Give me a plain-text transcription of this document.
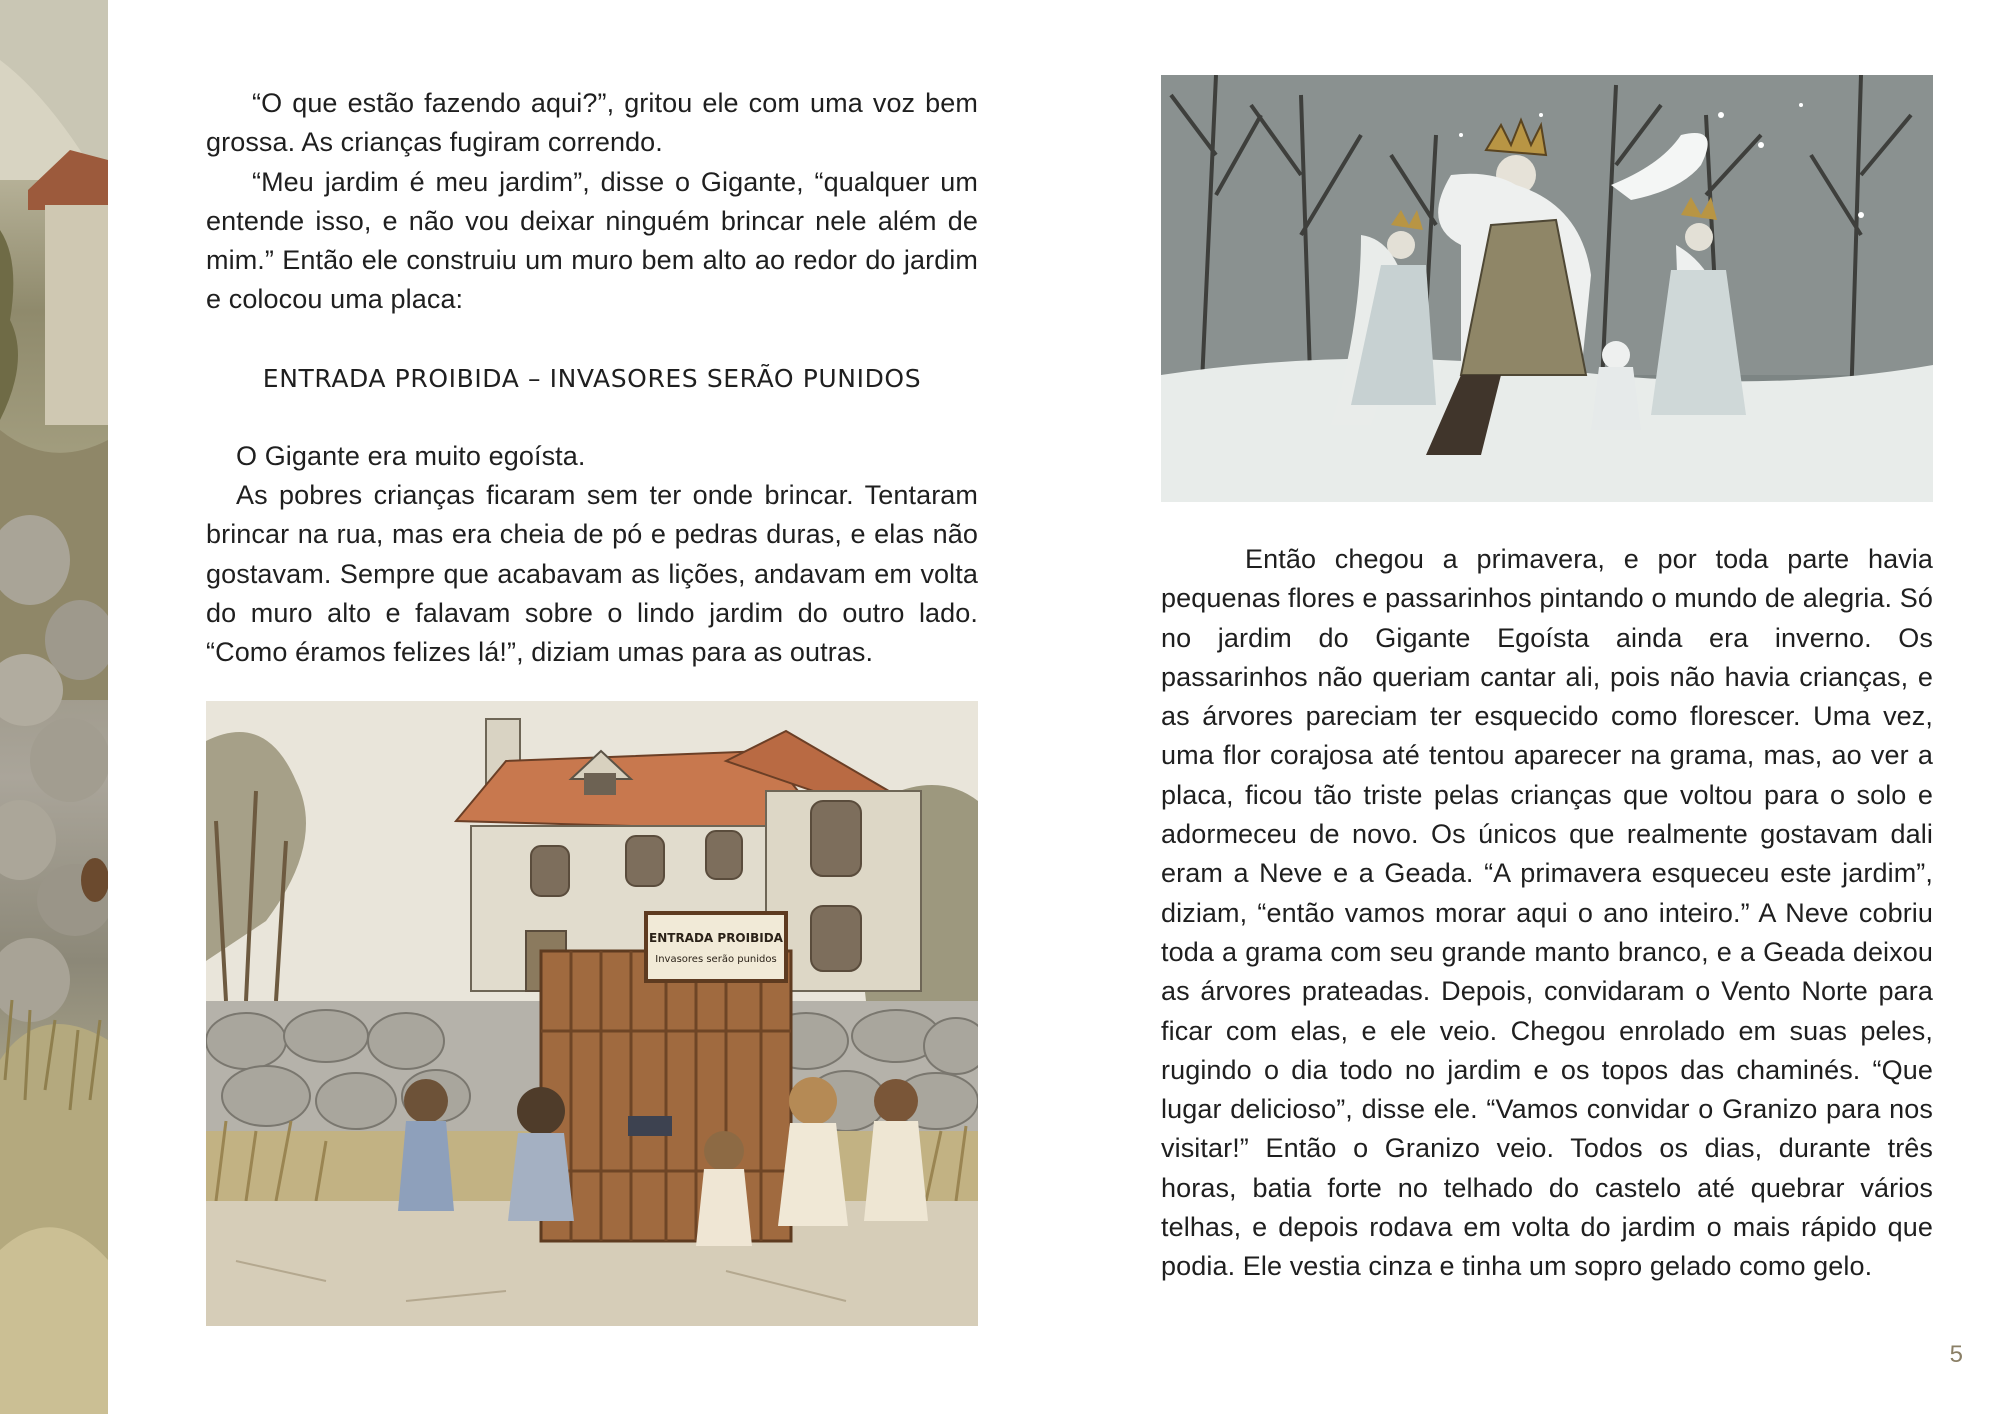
“O que estão fazendo aqui?”, gritou ele com uma voz bem grossa. As crianças fugiram correndo.

“Meu jardim é meu jardim”, disse o Gigante, “qualquer um entende isso, e não vou deixar ninguém brincar nele além de mim.” Então ele construiu um muro bem alto ao redor do jardim e colocou uma placa:

ENTRADA PROIBIDA – INVASORES SERÃO PUNIDOS

O Gigante era muito egoísta.

As pobres crianças ficaram sem ter onde brincar. Tentaram brincar na rua, mas era cheia de pó e pedras duras, e elas não gostavam. Sempre que acabavam as lições, andavam em volta do muro alto e falavam sobre o lindo jardim do outro lado. “Como éramos felizes lá!”, diziam umas para as outras.

ENTRADA PROIBIDA
Invasores serão punidos

Então chegou a primavera, e por toda parte havia pequenas flores e passarinhos pintando o mundo de alegria. Só no jardim do Gigante Egoísta ainda era inverno. Os passarinhos não queriam cantar ali, pois não havia crianças, e as árvores pareciam ter esquecido como florescer. Uma vez, uma flor corajosa até tentou aparecer na grama, mas, ao ver a placa, ficou tão triste pelas crianças que voltou para o solo e adormeceu de novo. Os únicos que realmente gostavam dali eram a Neve e a Geada. “A primavera esqueceu este jardim”, diziam, “então vamos morar aqui o ano inteiro.” A Neve cobriu toda a grama com seu grande manto branco, e a Geada deixou as árvores prateadas. Depois, convidaram o Vento Norte para ficar com elas, e ele veio. Chegou enrolado em suas peles, rugindo o dia todo no jardim e os topos das chaminés. “Que lugar delicioso”, disse ele. “Vamos convidar o Granizo para nos visitar!” Então o Granizo veio. Todos os dias, durante três horas, batia forte no telhado do castelo até quebrar vários telhas, e depois rodava em volta do jardim o mais rápido que podia. Ele vestia cinza e tinha um sopro gelado como gelo.

5
